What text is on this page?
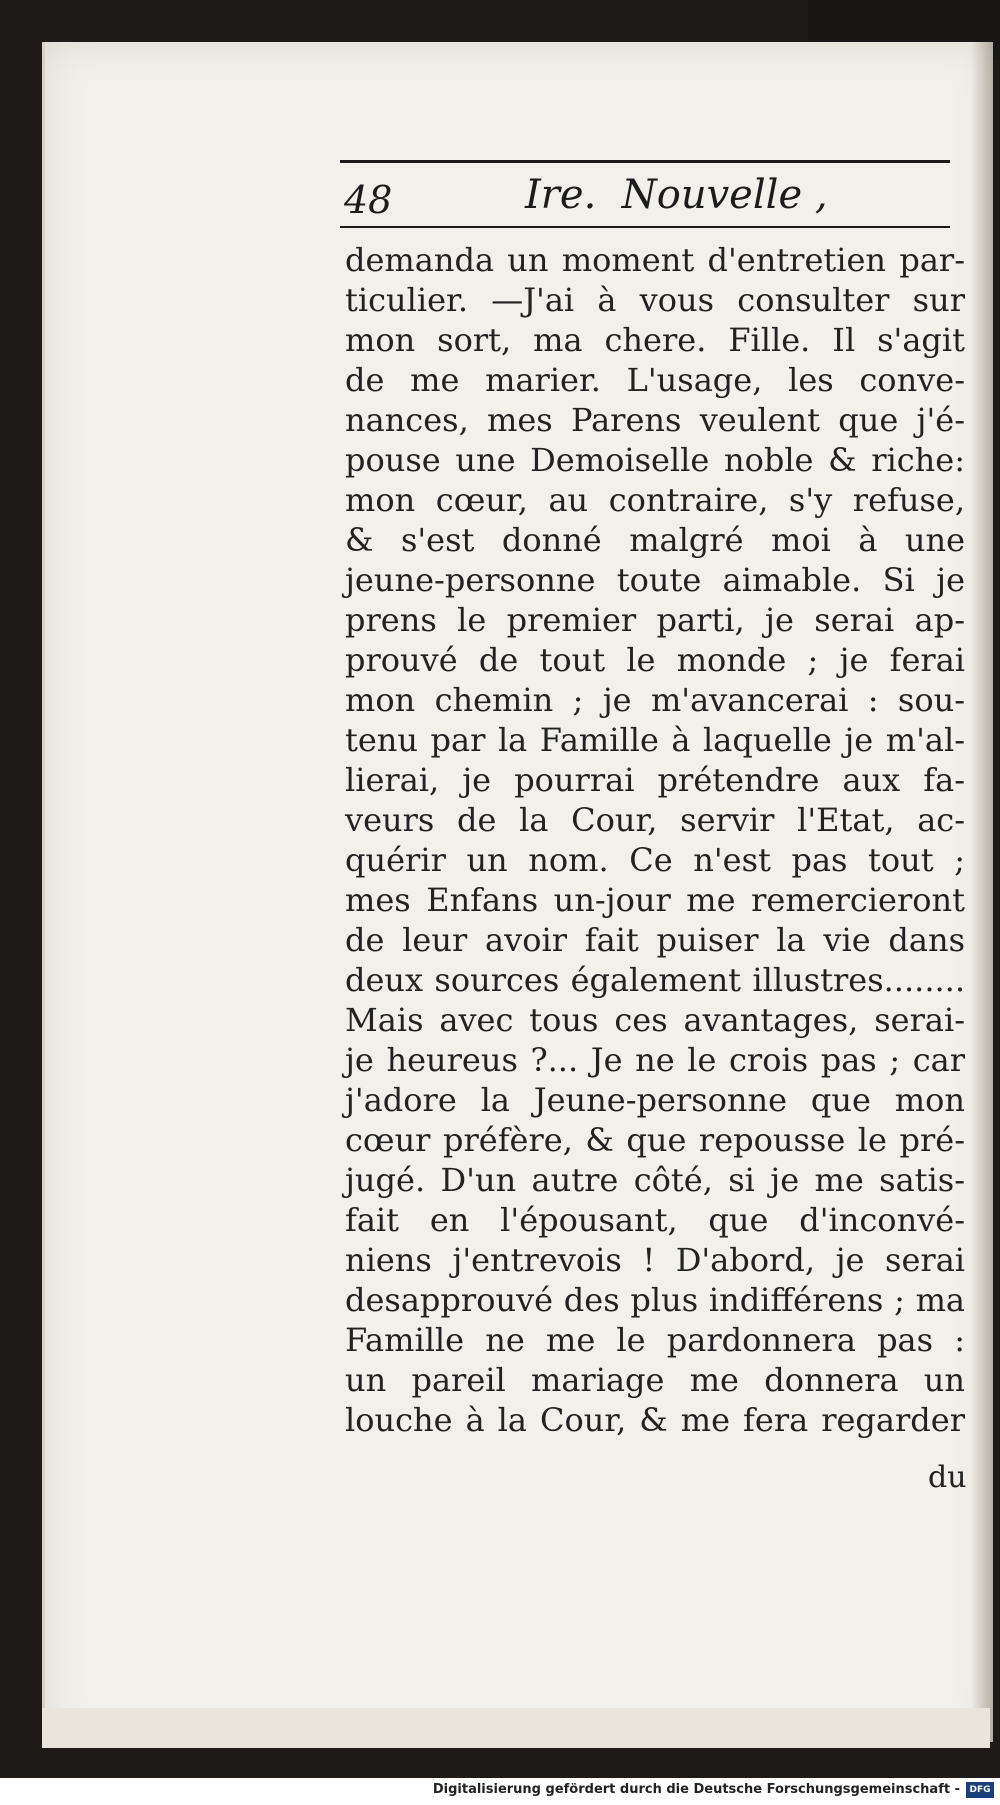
48	Ire.  Nouvelle ,
demanda un moment d'entretien par-
ticulier. —J'ai à vous consulter sur
mon sort, ma chere. Fille. Il s'agit
de me marier. L'usage, les conve-
nances, mes Parens veulent que j'é-
pouse une Demoiselle noble & riche:
mon cœur, au contraire, s'y refuse,
& s'est donné malgré moi à une
jeune-personne toute aimable. Si je
prens le premier parti, je serai ap-
prouvé de tout le monde ; je ferai
mon chemin ; je m'avancerai : sou-
tenu par la Famille à laquelle je m'al-
lierai, je pourrai prétendre aux fa-
veurs de la Cour, servir l'Etat, ac-
quérir un nom. Ce n'est pas tout ;
mes Enfans un-jour me remercieront
de leur avoir fait puiser la vie dans
deux sources également illustres........
Mais avec tous ces avantages, serai-
je heureus ?... Je ne le crois pas ; car
j'adore la Jeune-personne que mon
cœur préfère, & que repousse le pré-
jugé. D'un autre côté, si je me satis-
fait en l'épousant, que d'inconvé-
niens j'entrevois ! D'abord, je serai
desapprouvé des plus indifférens ; ma
Famille ne me le pardonnera pas :
un pareil mariage me donnera un
louche à la Cour, & me fera regarder
du
Digitalisierung gefördert durch die Deutsche Forschungsgemeinschaft -	DFG
